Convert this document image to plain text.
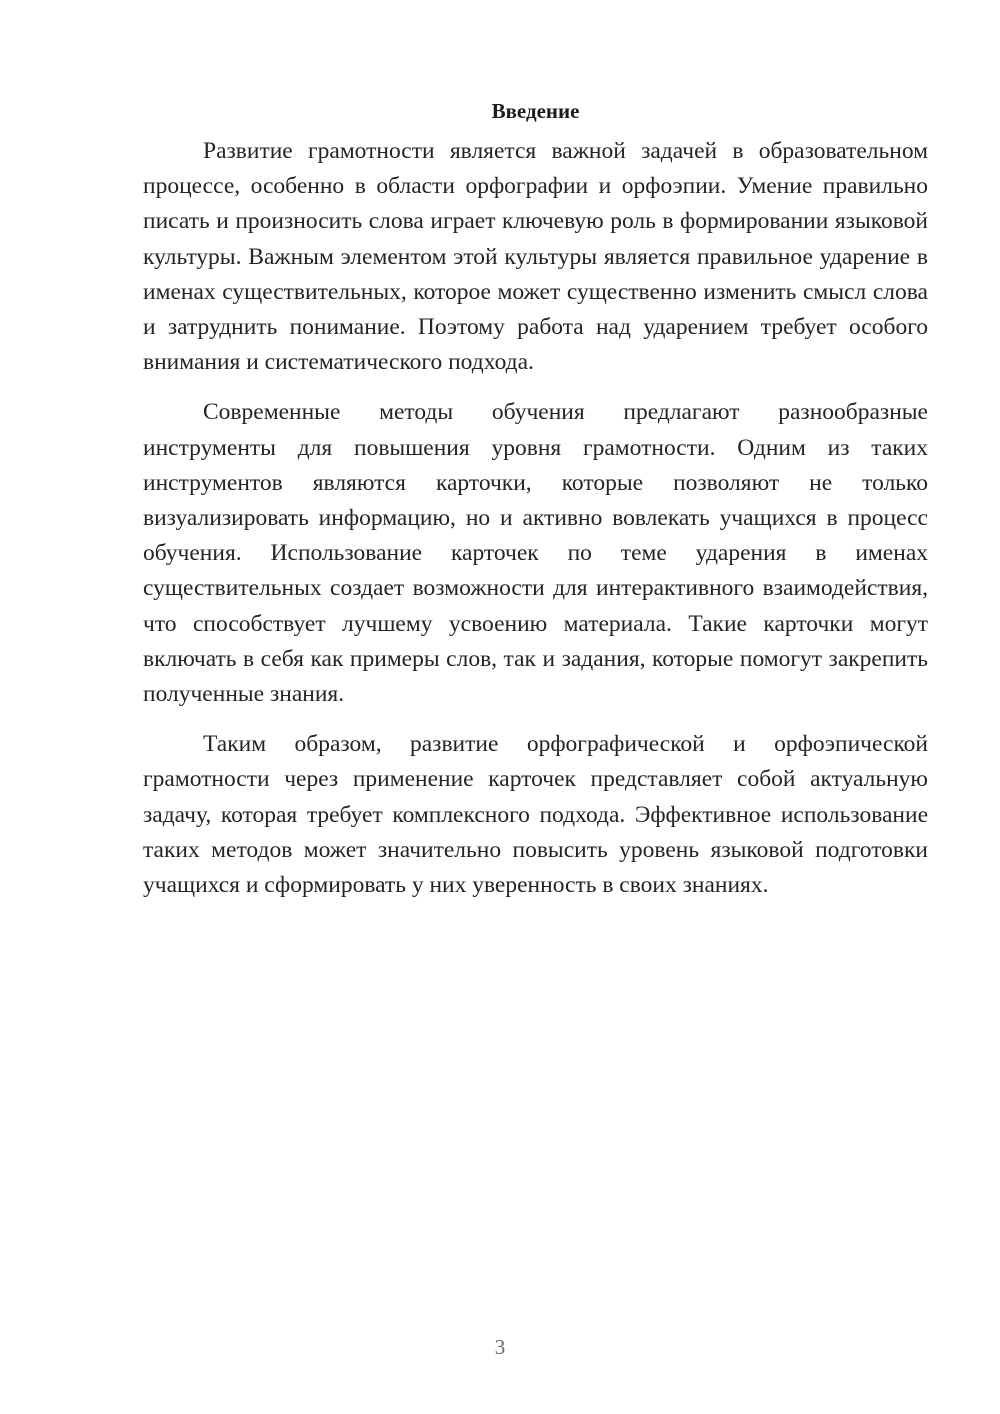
Введение

Развитие грамотности является важной задачей в образовательном процессе, особенно в области орфографии и орфоэпии. Умение правильно писать и произносить слова играет ключевую роль в формировании языковой культуры. Важным элементом этой культуры является правильное ударение в именах существительных, которое может существенно изменить смысл слова и затруднить понимание. Поэтому работа над ударением требует особого внимания и систематического подхода.

Современные методы обучения предлагают разнообразные инструменты для повышения уровня грамотности. Одним из таких инструментов являются карточки, которые позволяют не только визуализировать информацию, но и активно вовлекать учащихся в процесс обучения. Использование карточек по теме ударения в именах существительных создает возможности для интерактивного взаимодействия, что способствует лучшему усвоению материала. Такие карточки могут включать в себя как примеры слов, так и задания, которые помогут закрепить полученные знания.

Таким образом, развитие орфографической и орфоэпической грамотности через применение карточек представляет собой актуальную задачу, которая требует комплексного подхода. Эффективное использование таких методов может значительно повысить уровень языковой подготовки учащихся и сформировать у них уверенность в своих знаниях.

3
